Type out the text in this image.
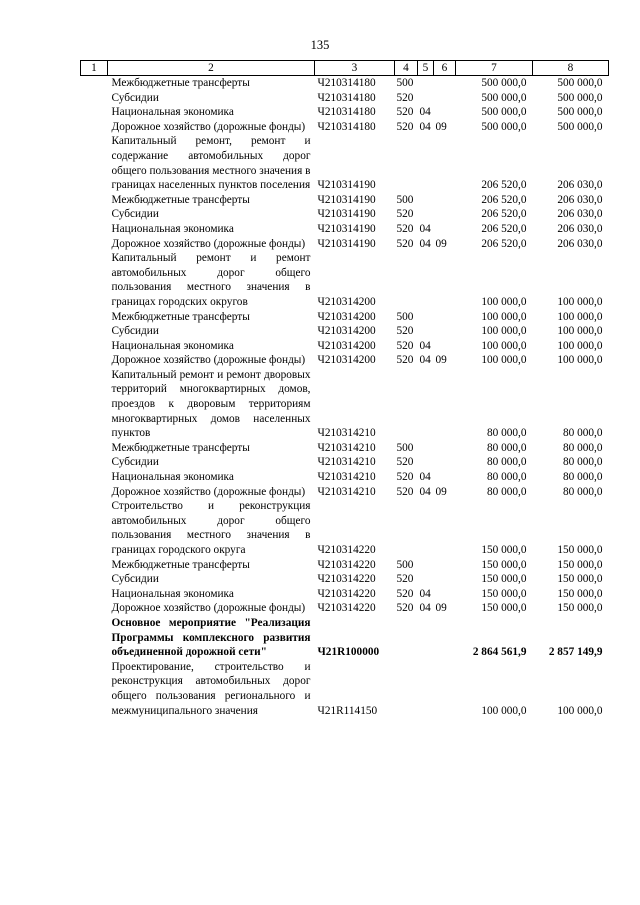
135
1	2	3	4	5	6	7	8
	Межбюджетные трансферты	Ч210314180	500			500 000,0	500 000,0
	Субсидии	Ч210314180	520			500 000,0	500 000,0
	Национальная экономика	Ч210314180	520	04		500 000,0	500 000,0
	Дорожное хозяйство (дорожные фонды)	Ч210314180	520	04	09	500 000,0	500 000,0
	Капитальный ремонт, ремонт и содержание автомобильных дорог общего пользования местного значения в границах населенных пунктов поселения	Ч210314190				206 520,0	206 030,0
	Межбюджетные трансферты	Ч210314190	500			206 520,0	206 030,0
	Субсидии	Ч210314190	520			206 520,0	206 030,0
	Национальная экономика	Ч210314190	520	04		206 520,0	206 030,0
	Дорожное хозяйство (дорожные фонды)	Ч210314190	520	04	09	206 520,0	206 030,0
	Капитальный ремонт и ремонт автомобильных дорог общего пользования местного значения в границах городских округов	Ч210314200				100 000,0	100 000,0
	Межбюджетные трансферты	Ч210314200	500			100 000,0	100 000,0
	Субсидии	Ч210314200	520			100 000,0	100 000,0
	Национальная экономика	Ч210314200	520	04		100 000,0	100 000,0
	Дорожное хозяйство (дорожные фонды)	Ч210314200	520	04	09	100 000,0	100 000,0
	Капитальный ремонт и ремонт дворовых территорий многоквартирных домов, проездов к дворовым территориям многоквартирных домов населенных пунктов	Ч210314210				80 000,0	80 000,0
	Межбюджетные трансферты	Ч210314210	500			80 000,0	80 000,0
	Субсидии	Ч210314210	520			80 000,0	80 000,0
	Национальная экономика	Ч210314210	520	04		80 000,0	80 000,0
	Дорожное хозяйство (дорожные фонды)	Ч210314210	520	04	09	80 000,0	80 000,0
	Строительство и реконструкция автомобильных дорог общего пользования местного значения в границах городского округа	Ч210314220				150 000,0	150 000,0
	Межбюджетные трансферты	Ч210314220	500			150 000,0	150 000,0
	Субсидии	Ч210314220	520			150 000,0	150 000,0
	Национальная экономика	Ч210314220	520	04		150 000,0	150 000,0
	Дорожное хозяйство (дорожные фонды)	Ч210314220	520	04	09	150 000,0	150 000,0
	Основное мероприятие "Реализация Программы комплексного развития объединенной дорожной сети"	Ч21R100000				2 864 561,9	2 857 149,9
	Проектирование, строительство и реконструкция автомобильных дорог общего пользования регионального и межмуниципального значения	Ч21R114150				100 000,0	100 000,0
